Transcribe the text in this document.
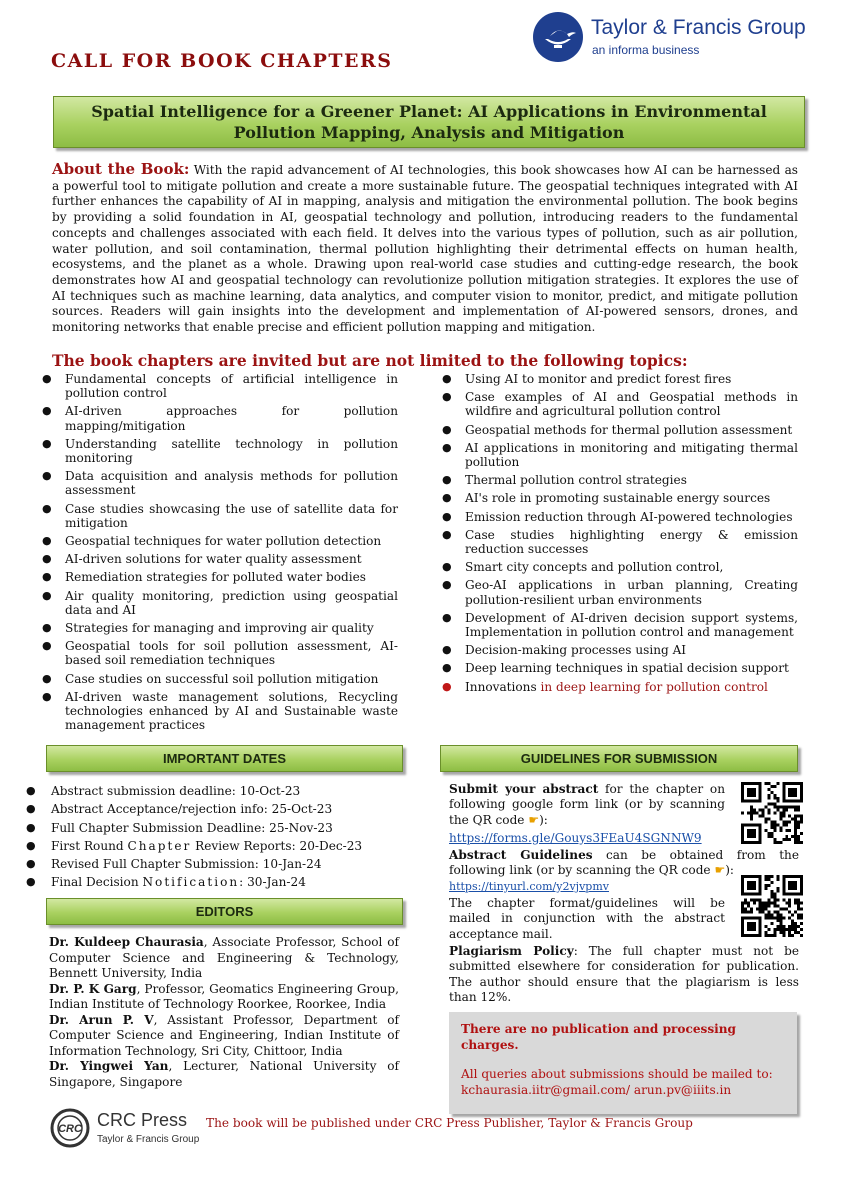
Taylor & Francis Group
an informa business
CALL FOR BOOK CHAPTERS
Spatial Intelligence for a Greener Planet: AI Applications in Environmental Pollution Mapping, Analysis and Mitigation
About the Book: With the rapid advancement of AI technologies, this book showcases how AI can be harnessed as a powerful tool to mitigate pollution and create a more sustainable future. The geospatial techniques integrated with AI further enhances the capability of AI in mapping, analysis and mitigation the environmental pollution. The book begins by providing a solid foundation in AI, geospatial technology and pollution, introducing readers to the fundamental concepts and challenges associated with each field. It delves into the various types of pollution, such as air pollution, water pollution, and soil contamination, thermal pollution highlighting their detrimental effects on human health, ecosystems, and the planet as a whole. Drawing upon real-world case studies and cutting-edge research, the book demonstrates how AI and geospatial technology can revolutionize pollution mitigation strategies. It explores the use of AI techniques such as machine learning, data analytics, and computer vision to monitor, predict, and mitigate pollution sources. Readers will gain insights into the development and implementation of AI-powered sensors, drones, and monitoring networks that enable precise and efficient pollution mapping and mitigation.
The book chapters are invited but are not limited to the following topics:
● Fundamental concepts of artificial intelligence in pollution control
● AI-driven approaches for pollution mapping/mitigation
● Understanding satellite technology in pollution monitoring
● Data acquisition and analysis methods for pollution assessment
● Case studies showcasing the use of satellite data for mitigation
● Geospatial techniques for water pollution detection
● AI-driven solutions for water quality assessment
● Remediation strategies for polluted water bodies
● Air quality monitoring, prediction using geospatial data and AI
● Strategies for managing and improving air quality
● Geospatial tools for soil pollution assessment, AI-based soil remediation techniques
● Case studies on successful soil pollution mitigation
● AI-driven waste management solutions, Recycling technologies enhanced by AI and Sustainable waste management practices
● Using AI to monitor and predict forest fires
● Case examples of AI and Geospatial methods in wildfire and agricultural pollution control
● Geospatial methods for thermal pollution assessment
● AI applications in monitoring and mitigating thermal pollution
● Thermal pollution control strategies
● AI's role in promoting sustainable energy sources
● Emission reduction through AI-powered technologies
● Case studies highlighting energy & emission reduction successes
● Smart city concepts and pollution control,
● Geo-AI applications in urban planning, Creating pollution-resilient urban environments
● Development of AI-driven decision support systems, Implementation in pollution control and management
● Decision-making processes using AI
● Deep learning techniques in spatial decision support
● Innovations in deep learning for pollution control
IMPORTANT DATES
● Abstract submission deadline: 10-Oct-23
● Abstract Acceptance/rejection info: 25-Oct-23
● Full Chapter Submission Deadline: 25-Nov-23
● First Round Chapter Review Reports: 20-Dec-23
● Revised Full Chapter Submission: 10-Jan-24
● Final Decision Notification: 30-Jan-24
EDITORS

Dr. Kuldeep Chaurasia, Associate Professor, School of Computer Science and Engineering & Technology, Bennett University, India

Dr. P. K Garg, Professor, Geomatics Engineering Group, Indian Institute of Technology Roorkee, Roorkee, India

Dr. Arun P. V, Assistant Professor, Department of Computer Science and Engineering, Indian Institute of Information Technology, Sri City, Chittoor, India

Dr. Yingwei Yan, Lecturer, National University of Singapore, Singapore

GUIDELINES FOR SUBMISSION

Submit your abstract for the chapter on following google form link (or by scanning the QR code ☛):

https://forms.gle/Gouys3FEaU4SGNNW9

Abstract Guidelines can be obtained from the following link (or by scanning the QR code ☛):

https://tinyurl.com/y2vjvpmv

The chapter format/guidelines will be mailed in conjunction with the abstract acceptance mail.

Plagiarism Policy: The full chapter must not be submitted elsewhere for consideration for publication. The author should ensure that the plagiarism is less than 12%.

There are no publication and processing charges.

All queries about submissions should be mailed to: kchaurasia.iitr@gmail.com/ arun.pv@iiits.in

CRC CRC Press
Taylor & Francis Group
The book will be published under CRC Press Publisher, Taylor & Francis Group
